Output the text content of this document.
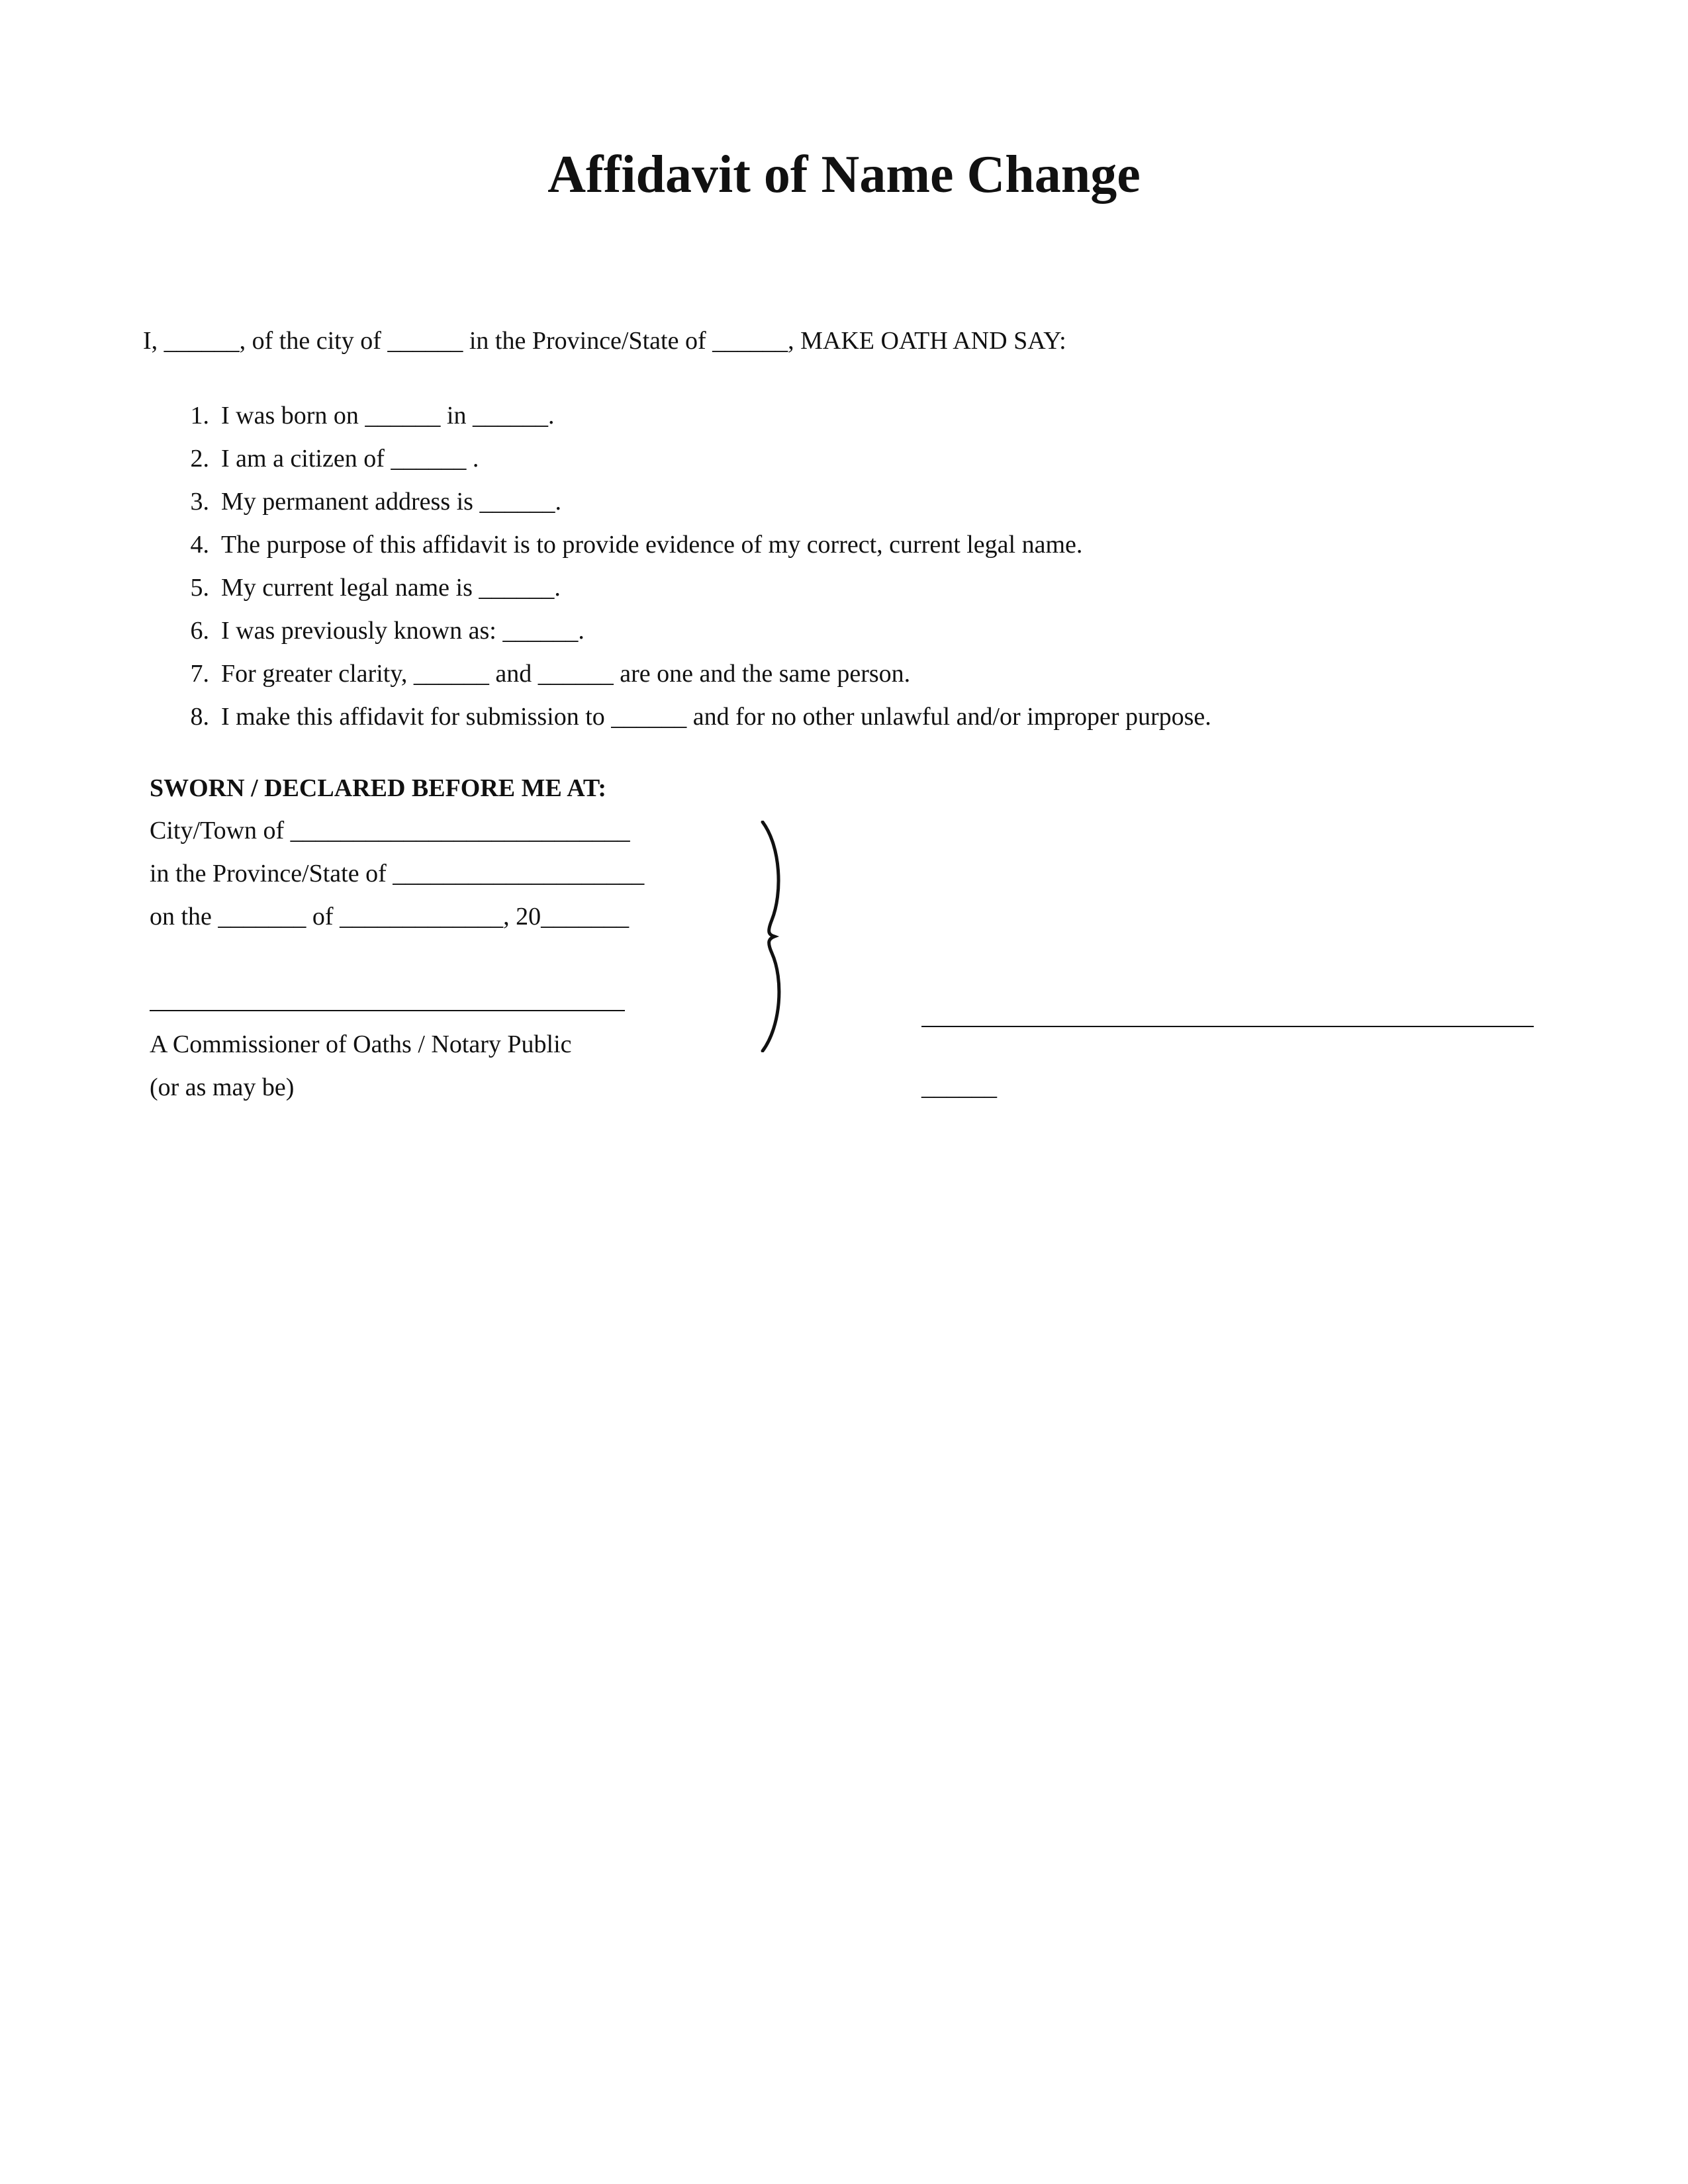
Affidavit of Name Change
I, ______, of the city of ______ in the Province/State of ______, MAKE OATH AND SAY:
1. I was born on ______ in ______.
2. I am a citizen of ______ .
3. My permanent address is ______.
4. The purpose of this affidavit is to provide evidence of my correct, current legal name.
5. My current legal name is ______.
6. I was previously known as: ______.
7. For greater clarity, ______ and ______ are one and the same person.
8. I make this affidavit for submission to ______ and for no other unlawful and/or improper purpose.
SWORN / DECLARED BEFORE ME AT:
City/Town of ___________________________
in the Province/State of ____________________
on the _______ of _____________, 20_______
A Commissioner of Oaths / Notary Public
(or as may be)	______
